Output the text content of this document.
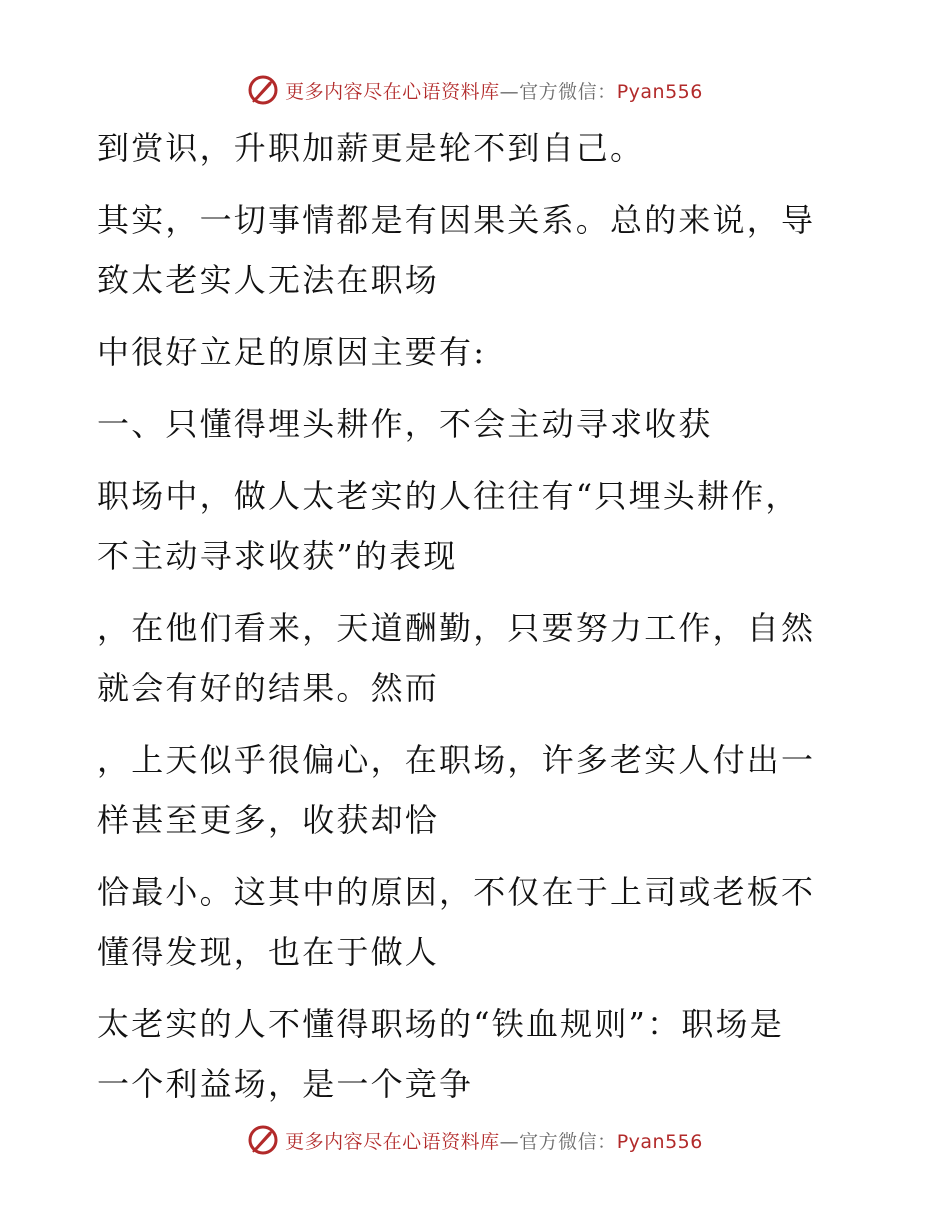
更多内容尽在心语资料库—官方微信：Pyan556

到赏识，升职加薪更是轮不到自己。

其实，一切事情都是有因果关系。总的来说，导

致太老实人无法在职场

中很好立足的原因主要有:

一、只懂得埋头耕作，不会主动寻求收获

职场中，做人太老实的人往往有“只埋头耕作，

不主动寻求收获”的表现

，在他们看来，天道酬勤，只要努力工作，自然

就会有好的结果。然而

，上天似乎很偏心，在职场，许多老实人付出一

样甚至更多，收获却恰

恰最小。这其中的原因，不仅在于上司或老板不

懂得发现，也在于做人

太老实的人不懂得职场的“铁血规则”：职场是

一个利益场，是一个竞争

更多内容尽在心语资料库—官方微信：Pyan556
